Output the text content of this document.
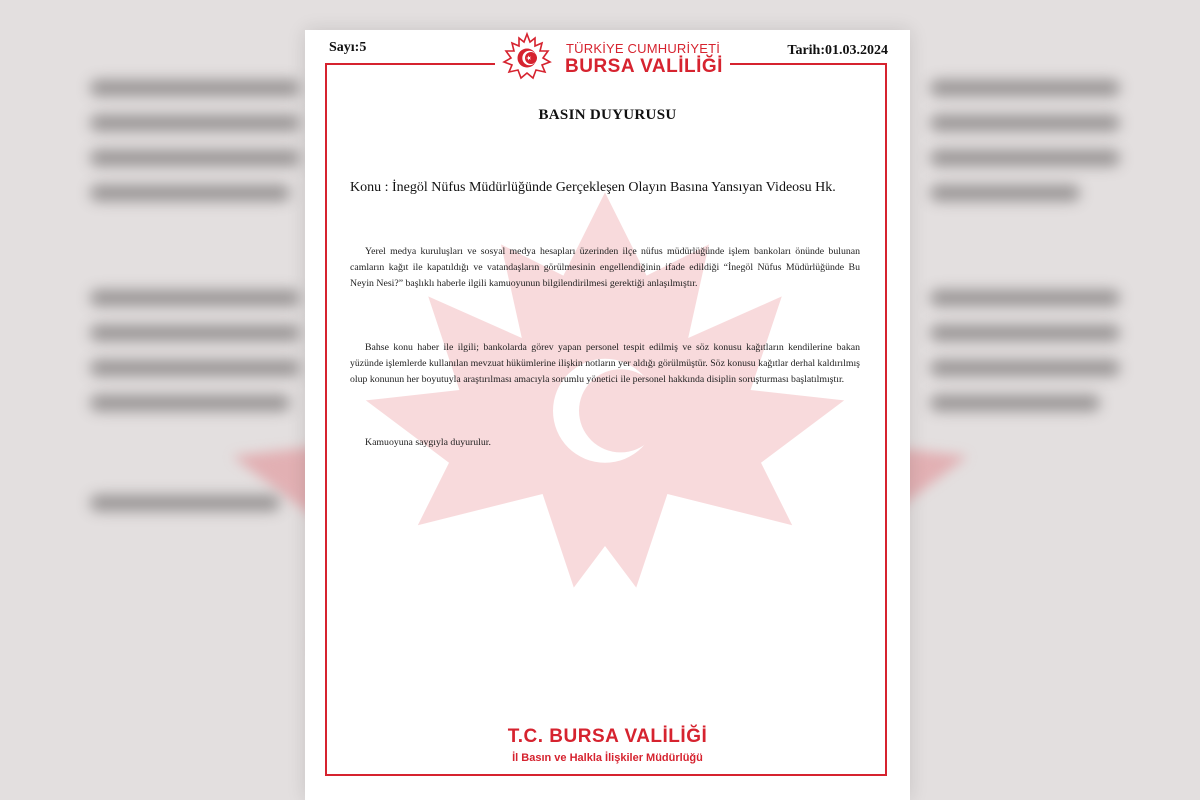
Sayı:5	Tarih:01.03.2024
TÜRKİYE CUMHURİYETİ
BURSA VALİLİĞİ
BASIN DUYURUSU
Konu : İnegöl Nüfus Müdürlüğünde Gerçekleşen Olayın Basına Yansıyan Videosu Hk.
Yerel medya kuruluşları ve sosyal medya hesapları üzerinden ilçe nüfus müdürlüğünde işlem bankoları önünde bulunan camların kağıt ile kapatıldığı ve vatandaşların görülmesinin engellendiğinin ifade edildiği “İnegöl Nüfus Müdürlüğünde Bu Neyin Nesi?” başlıklı haberle ilgili kamuoyunun bilgilendirilmesi gerektiği anlaşılmıştır.
Bahse konu haber ile ilgili; bankolarda görev yapan personel tespit edilmiş ve söz konusu kağıtların kendilerine bakan yüzünde işlemlerde kullanılan mevzuat hükümlerine ilişkin notların yer aldığı görülmüştür. Söz konusu kağıtlar derhal kaldırılmış olup konunun her boyutuyla araştırılması amacıyla sorumlu yönetici ile personel hakkında disiplin soruşturması başlatılmıştır.
Kamuoyuna saygıyla duyurulur.
T.C. BURSA VALİLİĞİ
İl Basın ve Halkla İlişkiler Müdürlüğü
